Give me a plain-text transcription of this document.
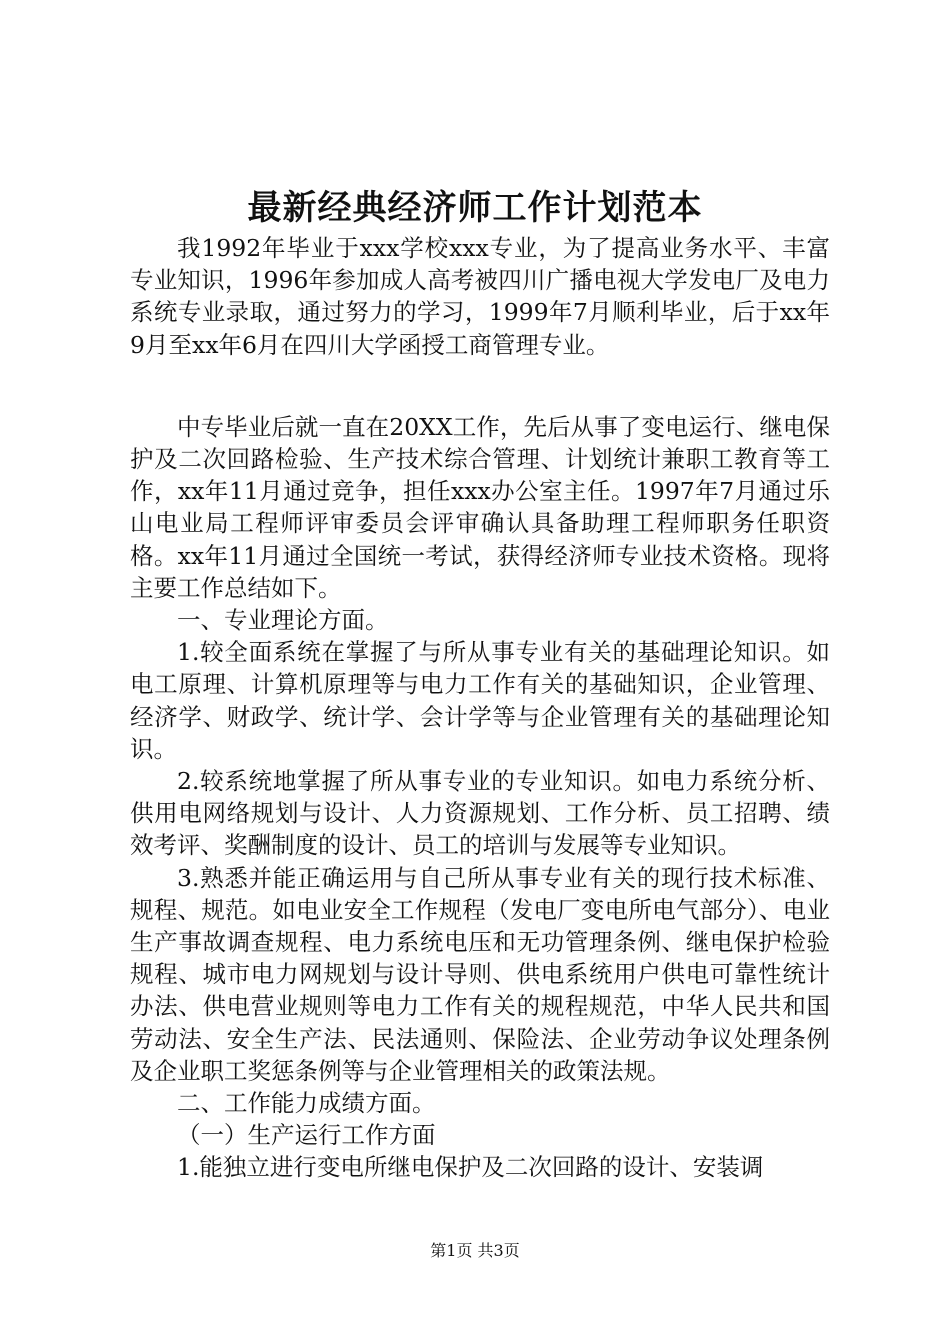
最新经典经济师工作计划范本

我1992年毕业于xxx学校xxx专业，为了提高业务水平、丰富专业知识，1996年参加成人高考被四川广播电视大学发电厂及电力系统专业录取，通过努力的学习，1999年7月顺利毕业，后于xx年9月至xx年6月在四川大学函授工商管理专业。

中专毕业后就一直在20XX工作，先后从事了变电运行、继电保护及二次回路检验、生产技术综合管理、计划统计兼职工教育等工作，xx年11月通过竞争，担任xxx办公室主任。1997年7月通过乐山电业局工程师评审委员会评审确认具备助理工程师职务任职资格。xx年11月通过全国统一考试，获得经济师专业技术资格。现将主要工作总结如下。

一、专业理论方面。

1.较全面系统在掌握了与所从事专业有关的基础理论知识。如电工原理、计算机原理等与电力工作有关的基础知识，企业管理、经济学、财政学、统计学、会计学等与企业管理有关的基础理论知识。

2.较系统地掌握了所从事专业的专业知识。如电力系统分析、供用电网络规划与设计、人力资源规划、工作分析、员工招聘、绩效考评、奖酬制度的设计、员工的培训与发展等专业知识。

3.熟悉并能正确运用与自己所从事专业有关的现行技术标准、规程、规范。如电业安全工作规程（发电厂变电所电气部分）、电业生产事故调查规程、电力系统电压和无功管理条例、继电保护检验规程、城市电力网规划与设计导则、供电系统用户供电可靠性统计办法、供电营业规则等电力工作有关的规程规范，中华人民共和国劳动法、安全生产法、民法通则、保险法、企业劳动争议处理条例及企业职工奖惩条例等与企业管理相关的政策法规。

二、工作能力成绩方面。

（一）生产运行工作方面

1.能独立进行变电所继电保护及二次回路的设计、安装调

第1页 共3页
